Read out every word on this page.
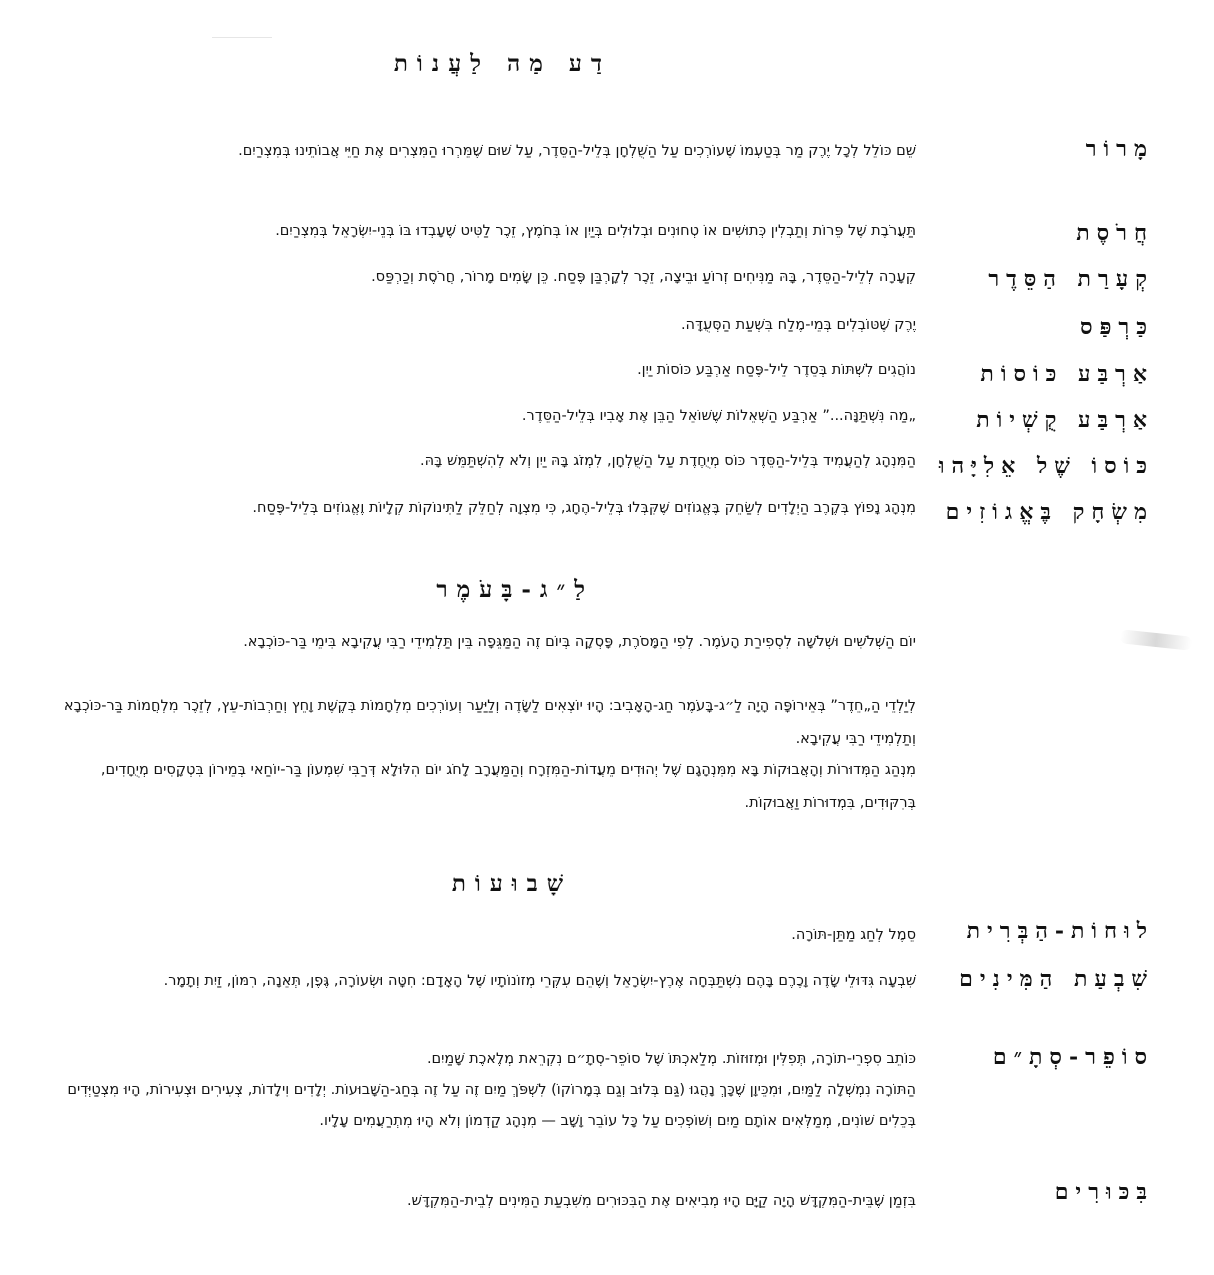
דַע מַה לַעֲנוֹת
מָרוֹר
שֵׁם כּוֹלֵל לְכָל יֶרֶק מַר בְּטַעְמוֹ שֶׁעוֹרְכִים עַל הַשֻּׁלְחָן בְּלֵיל-הַסֵּדֶר, עַל שׁוּם שֶׁמֵּרְרוּ הַמִּצְרִים אֶת חַיֵּי אֲבוֹתֵינוּ בְּמִצְרַיִם.
חֲרֹסֶת
תַּעֲרֹבֶת שֶׁל פֵּרוֹת וְתַבְלִין כְּתוּשִׁים אוֹ טְחוּנִים וּבְלוּלִים בְּיַיִן אוֹ בְּחֹמֶץ, זֵכֶר לַטִּיט שֶׁעָבְדוּ בּוֹ בְּנֵי-יִשְׂרָאֵל בְּמִצְרַיִם.
קְעָרַת הַסֵּדֶר
קְעָרָה לְלֵיל-הַסֵּדֶר, בָּהּ מַנִּיחִים זְרוֹעַ וּבֵיצָה, זֵכֶר לְקָרְבַּן פֶּסַח. כֵּן שָׂמִים מָרוֹר, חֲרֹסֶת וְכַרְפַּס.
כַּרְפַּס
יֶרֶק שֶׁטּוֹבְלִים בְּמֵי-מֶלַח בִּשְׁעַת הַסְּעֻדָּה.
אַרְבַּע כּוֹסוֹת
נוֹהֲגִים לִשְׁתּוֹת בְּסֵדֶר לֵיל-פֶּסַח אַרְבַּע כּוֹסוֹת יַיִן.
אַרְבַּע קֻשְׁיוֹת
„מַה נִּשְׁתַּנָּה...” אַרְבַּע הַשְּׁאֵלוֹת שֶׁשּׁוֹאֵל הַבֵּן אֶת אָבִיו בְּלֵיל-הַסֵּדֶר.
כּוֹסוֹ שֶׁל אֵלִיָּהוּ
הַמִּנְהָג לְהַעֲמִיד בְּלֵיל-הַסֵּדֶר כּוֹס מְיֻחֶדֶת עַל הַשֻּׁלְחָן, לִמְזֹג בָּהּ יַיִן וְלֹא לְהִשְׁתַּמֵּשׁ בָּהּ.
מִשְׂחָק בֶּאֱגוֹזִים
מִנְהָג נָפוֹץ בְּקֶרֶב הַיְלָדִים לְשַׂחֵק בֶּאֱגוֹזִים שֶׁקִּבְּלוּ בְּלֵיל-הֶחָג, כִּי מִצְוָה לְחַלֵּק לַתִּינוֹקוֹת קְלָיוֹת וֶאֱגוֹזִים בְּלֵיל-פֶּסַח.
לַ״ג-בָּעֹמֶר
יוֹם הַשְּׁלֹשִׁים וּשְׁלֹשָׁה לִסְפִירַת הָעֹמֶר. לְפִי הַמָּסֹרֶת, פָּסְקָה בְּיוֹם זֶה הַמַּגֵּפָה בֵּין תַּלְמִידֵי רַבִּי עֲקִיבָא בִּימֵי בַּר-כּוֹכְבָא.
לְיַלְדֵי הַ„חֵדֶר” בְּאֵירוֹפָּה הָיָה לַ״ג-בָּעֹמֶר חַג-הָאָבִיב: הָיוּ יוֹצְאִים לַשָּׂדֶה וְלַיַּעַר וְעוֹרְכִים מִלְחָמוֹת בְּקֶשֶׁת וָחֵץ וְחַרְבוֹת-עֵץ, לְזֵכֶר מִלְחֲמוֹת בַּר-כּוֹכְבָא וְתַלְמִידֵי רַבִּי עֲקִיבָא.
מִנְהַג הַמְּדוּרוֹת וְהָאֲבוּקוֹת בָּא מִמִּנְהָגָם שֶׁל יְהוּדִים מֵעֲדוֹת-הַמִּזְרָח וְהַמַּעֲרָב לָחֹג יוֹם הִלּוּלָא דְּרַבִּי שִׁמְעוֹן בַּר-יוֹחַאי בְּמֵירוֹן בִּטְקָסִים מְיֻחָדִים, בְּרִקּוּדִים, בִּמְדוּרוֹת וַאֲבוּקוֹת.
שָׁבוּעוֹת
לוּחוֹת-הַבְּרִית
סֵמֶל לְחַג מַתַּן-תּוֹרָה.
שִׁבְעַת הַמִּינִים
שִׁבְעָה גִּדּוּלֵי שָׂדֶה וָכֶרֶם בָּהֶם נִשְׁתַּבְּחָה אֶרֶץ-יִשְׂרָאֵל וְשֶׁהֵם עִקְּרֵי מְזוֹנוֹתָיו שֶׁל הָאָדָם: חִטָּה וּשְׂעוֹרָה, גֶּפֶן, תְּאֵנָה, רִמּוֹן, זַיִת וְתָמָר.
סוֹפֵר-סְתָ״ם
כּוֹתֵב סִפְרֵי-תוֹרָה, תְּפִלִּין וּמְזוּזוֹת. מְלַאכְתּוֹ שֶׁל סוֹפֵר-סְתָ״ם נִקְרֵאת מְלֶאכֶת שָׁמַיִם.
הַתּוֹרָה נִמְשְׁלָה לַמַּיִם, וּמִכֵּיוָן שֶׁכָּךְ נָהֲגוּ (גַּם בְּלוּב וְגַם בְּמָרוֹקוֹ) לִשְׁפֹּךְ מַיִם זֶה עַל זֶה בְּחַג-הַשָּׁבוּעוֹת. יְלָדִים וִילָדוֹת, צְעִירִים וּצְעִירוֹת, הָיוּ מִצְטַיְּדִים בְּכֵלִים שׁוֹנִים, מְמַלְּאִים אוֹתָם מַיִם וְשׁוֹפְכִים עַל כָּל עוֹבֵר וָשָׁב — מִנְהָג קַדְמוֹן וְלֹא הָיוּ מִתְרַעֲמִים עָלָיו.
בִּכּוּרִים
בִּזְמַן שֶׁבֵּית-הַמִּקְדָּשׁ הָיָה קַיָּם הָיוּ מְבִיאִים אֶת הַבִּכּוּרִים מִשִּׁבְעַת הַמִּינִים לְבֵית-הַמִּקְדָּשׁ.
